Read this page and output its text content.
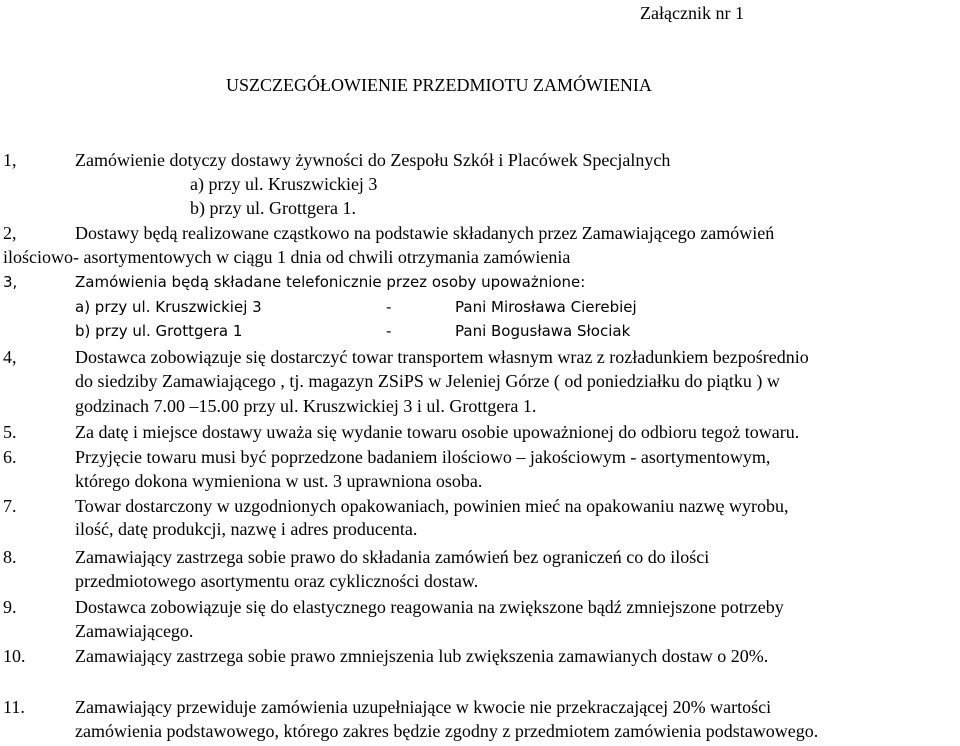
Załącznik nr 1
USZCZEGÓŁOWIENIE PRZEDMIOTU ZAMÓWIENIA
1,	Zamówienie dotyczy dostawy żywności do Zespołu Szkół i Placówek Specjalnych
a) przy ul. Kruszwickiej 3
b) przy ul. Grottgera 1.
2,	Dostawy będą realizowane cząstkowo na podstawie składanych przez Zamawiającego zamówień
ilościowo- asortymentowych w ciągu 1 dnia od chwili otrzymania zamówienia
3,	Zamówienia będą składane telefonicznie przez osoby upoważnione:
a) przy ul. Kruszwickiej 3	-	Pani Mirosława Cierebiej
b) przy ul. Grottgera 1	-	Pani Bogusława Słociak
4,	Dostawca zobowiązuje się dostarczyć towar transportem własnym wraz z rozładunkiem bezpośrednio
do siedziby Zamawiającego , tj. magazyn ZSiPS w Jeleniej Górze ( od poniedziałku do piątku ) w
godzinach 7.00 –15.00 przy ul. Kruszwickiej 3 i ul. Grottgera 1.
5.	Za datę i miejsce dostawy uważa się wydanie towaru osobie upoważnionej do odbioru tegoż towaru.
6.	Przyjęcie towaru musi być poprzedzone badaniem ilościowo – jakościowym - asortymentowym,
którego dokona wymieniona w ust. 3 uprawniona osoba.
7.	Towar dostarczony w uzgodnionych opakowaniach, powinien mieć na opakowaniu nazwę wyrobu,
ilość, datę produkcji, nazwę i adres producenta.
8.	Zamawiający zastrzega sobie prawo do składania zamówień bez ograniczeń co do ilości
przedmiotowego asortymentu oraz cykliczności dostaw.
9.	Dostawca zobowiązuje się do elastycznego reagowania na zwiększone bądź zmniejszone potrzeby
Zamawiającego.
10.	Zamawiający zastrzega sobie prawo zmniejszenia lub zwiększenia zamawianych dostaw o 20%.
11.	Zamawiający przewiduje zamówienia uzupełniające w kwocie nie przekraczającej 20% wartości
zamówienia podstawowego, którego zakres będzie zgodny z przedmiotem zamówienia podstawowego.
